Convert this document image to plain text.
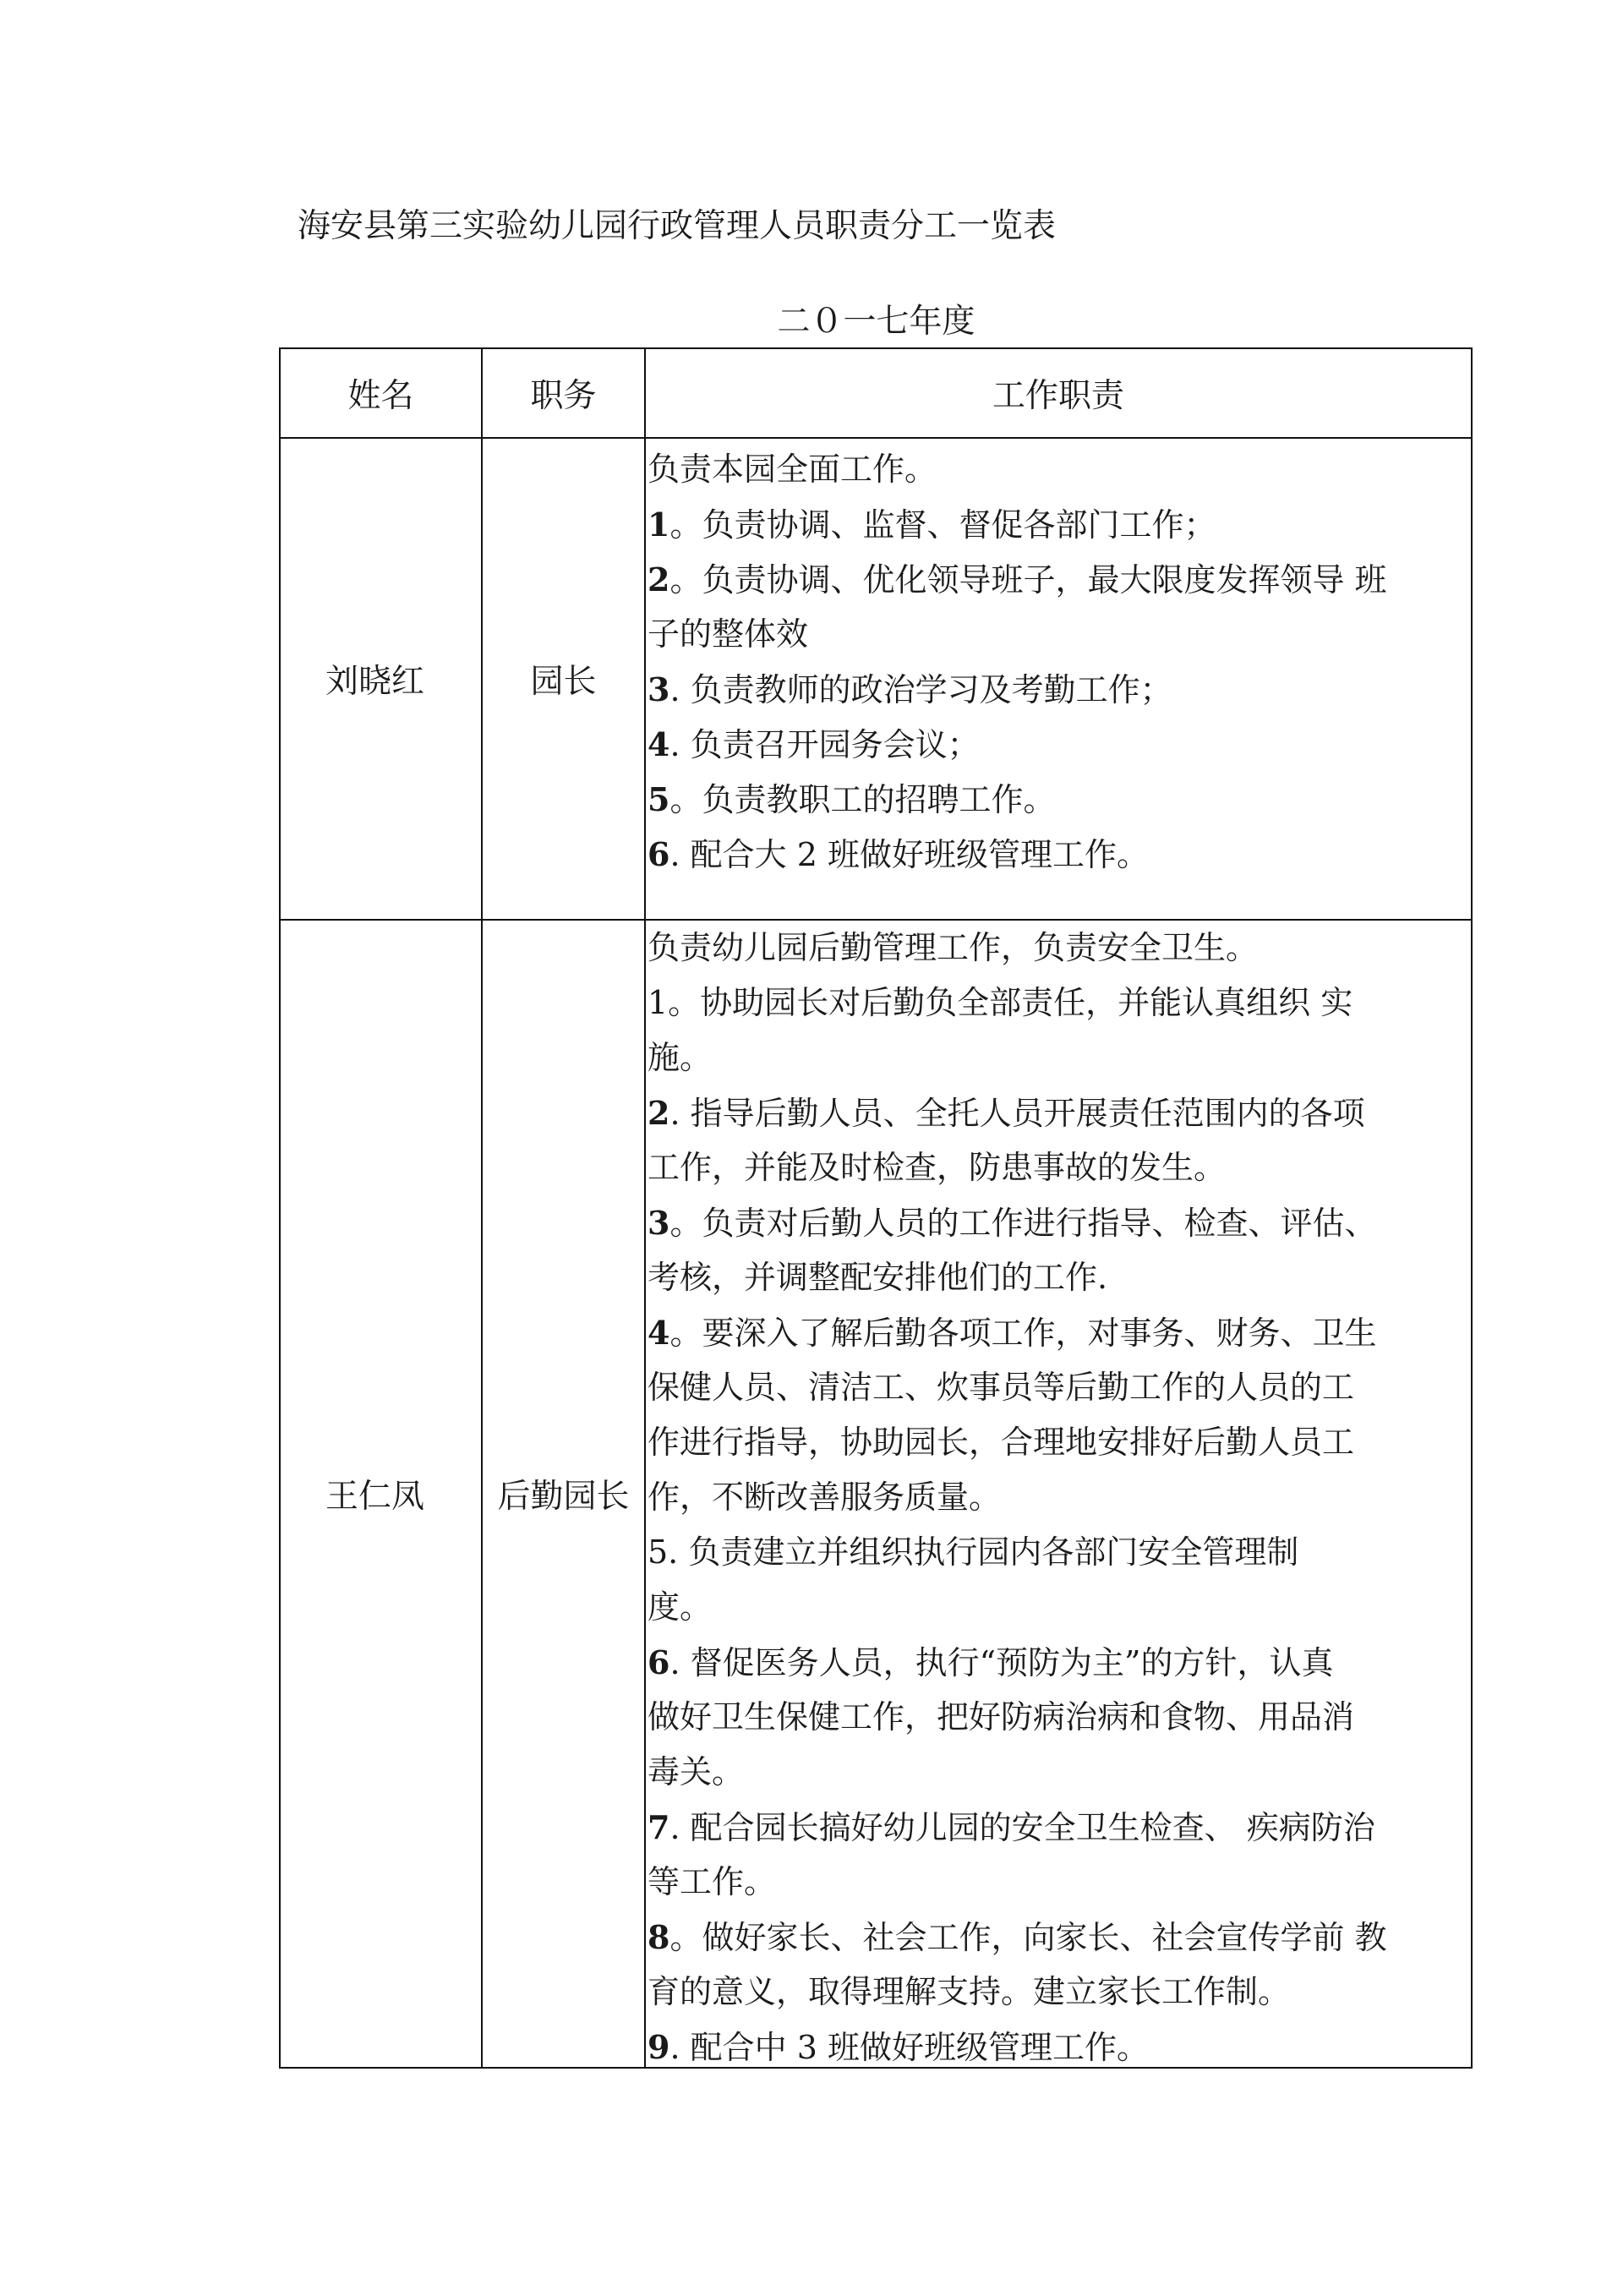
海安县第三实验幼儿园行政管理人员职责分工一览表
二０一七年度
姓名	职务	工作职责
刘晓红	园长
负责本园全面工作。
1。负责协调、监督、督促各部门工作；
2。负责协调、优化领导班子，最大限度发挥领导 班
子的整体效
3. 负责教师的政治学习及考勤工作；
4. 负责召开园务会议；
5。负责教职工的招聘工作。
6. 配合大 2 班做好班级管理工作。
王仁凤	后勤园长
负责幼儿园后勤管理工作，负责安全卫生。
1。协助园长对后勤负全部责任，并能认真组织 实
施。
2. 指导后勤人员、全托人员开展责任范围内的各项
工作，并能及时检查，防患事故的发生。
3。负责对后勤人员的工作进行指导、检查、评估、
考核，并调整配安排他们的工作.
4。要深入了解后勤各项工作，对事务、财务、卫生
保健人员、清洁工、炊事员等后勤工作的人员的工
作进行指导，协助园长，合理地安排好后勤人员工
作，不断改善服务质量。
5. 负责建立并组织执行园内各部门安全管理制
度。
6. 督促医务人员，执行“预防为主”的方针，认真
做好卫生保健工作，把好防病治病和食物、用品消
毒关。
7. 配合园长搞好幼儿园的安全卫生检查、 疾病防治
等工作。
8。做好家长、社会工作，向家长、社会宣传学前 教
育的意义，取得理解支持。建立家长工作制。
9. 配合中 3 班做好班级管理工作。
